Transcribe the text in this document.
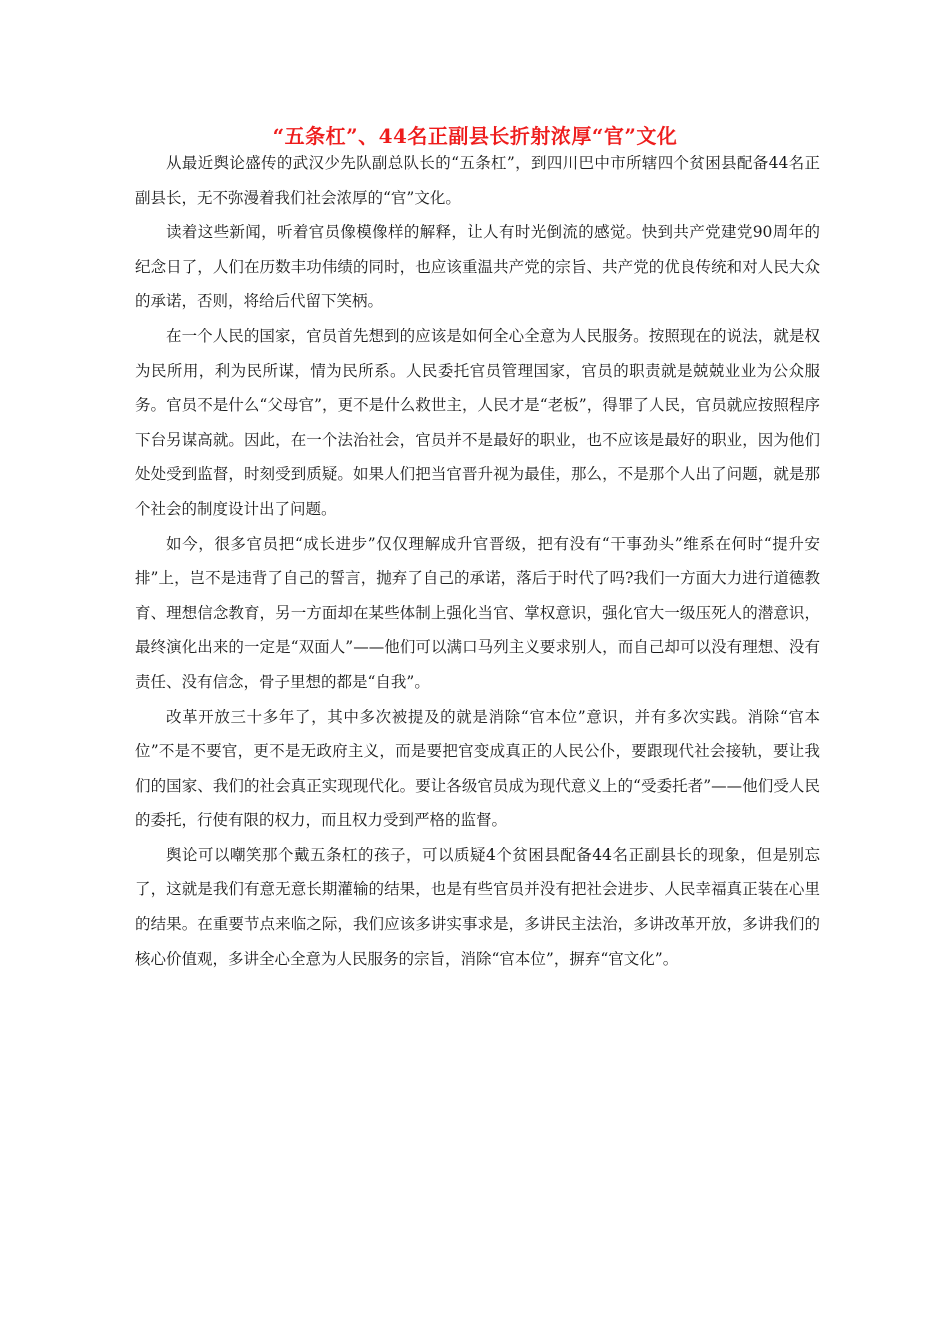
“五条杠”、44名正副县长折射浓厚“官”文化

从最近舆论盛传的武汉少先队副总队长的“五条杠”，到四川巴中市所辖四个贫困县配备44名正副县长，无不弥漫着我们社会浓厚的“官”文化。

读着这些新闻，听着官员像模像样的解释，让人有时光倒流的感觉。快到共产党建党90周年的纪念日了，人们在历数丰功伟绩的同时，也应该重温共产党的宗旨、共产党的优良传统和对人民大众的承诺，否则，将给后代留下笑柄。

在一个人民的国家，官员首先想到的应该是如何全心全意为人民服务。按照现在的说法，就是权为民所用，利为民所谋，情为民所系。人民委托官员管理国家，官员的职责就是兢兢业业为公众服务。官员不是什么“父母官”，更不是什么救世主，人民才是“老板”，得罪了人民，官员就应按照程序下台另谋高就。因此，在一个法治社会，官员并不是最好的职业，也不应该是最好的职业，因为他们处处受到监督，时刻受到质疑。如果人们把当官晋升视为最佳，那么，不是那个人出了问题，就是那个社会的制度设计出了问题。

如今，很多官员把“成长进步”仅仅理解成升官晋级，把有没有“干事劲头”维系在何时“提升安排”上，岂不是违背了自己的誓言，抛弃了自己的承诺，落后于时代了吗?我们一方面大力进行道德教育、理想信念教育，另一方面却在某些体制上强化当官、掌权意识，强化官大一级压死人的潜意识，最终演化出来的一定是“双面人”——他们可以满口马列主义要求别人，而自己却可以没有理想、没有责任、没有信念，骨子里想的都是“自我”。

改革开放三十多年了，其中多次被提及的就是消除“官本位”意识，并有多次实践。消除“官本位”不是不要官，更不是无政府主义，而是要把官变成真正的人民公仆，要跟现代社会接轨，要让我们的国家、我们的社会真正实现现代化。要让各级官员成为现代意义上的“受委托者”——他们受人民的委托，行使有限的权力，而且权力受到严格的监督。

舆论可以嘲笑那个戴五条杠的孩子，可以质疑4个贫困县配备44名正副县长的现象，但是别忘了，这就是我们有意无意长期灌输的结果，也是有些官员并没有把社会进步、人民幸福真正装在心里的结果。在重要节点来临之际，我们应该多讲实事求是，多讲民主法治，多讲改革开放，多讲我们的核心价值观，多讲全心全意为人民服务的宗旨，消除“官本位”，摒弃“官文化”。
